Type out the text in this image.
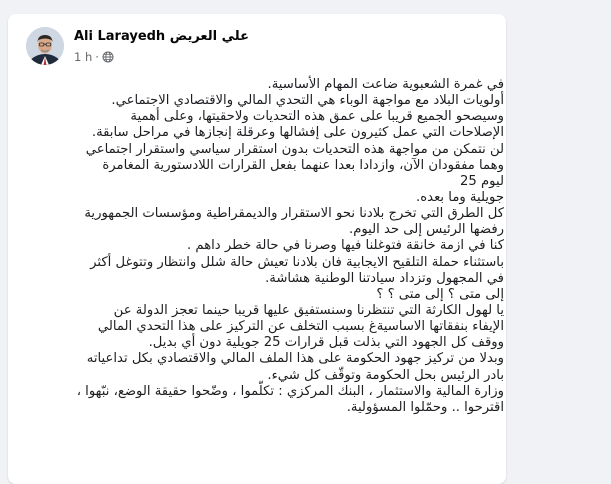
Ali Larayedh علي العريض
1 h ·
في غمرة الشعبوية ضاعت المهام الأساسية.
أولويات البلاد مع مواجهة الوباء هي التحدي المالي والاقتصادي الاجتماعي.
وسيصحو الجميع قريبا على عمق هذه التحديات ولاحقيتها، وعلى أهمية
الإصلاحات التي عمل كثيرون على إفشالها وعرقلة إنجازها في مراحل سابقة.
لن نتمكن من مواجهة هذه التحديات بدون استقرار سياسي واستقرار اجتماعي
وهما مفقودان الآن، وازدادا بعدا عنهما بفعل القرارات اللادستورية المغامرة
ليوم 25
جويلية وما بعده.
كل الطرق التي تخرج بلادنا نحو الاستقرار والديمقراطية ومؤسسات الجمهورية
رفضها الرئيس إلى حد اليوم.
كنا في ازمة خانقة فتوغلنا فيها وصرنا في حالة خطر داهم .
باستثناء حملة التلقيح الايجابية فان بلادنا تعيش حالة شلل وانتظار وتتوغل أكثر
في المجهول وتزداد سيادتنا الوطنية هشاشة.
إلى متى ؟ إلى متى ؟ ؟
يا لهول الكارثة التي تنتظرنا وسنستفيق عليها قريبا حينما تعجز الدولة عن
الإيفاء بنفقاتها الاساسيةغ بسبب التخلف عن التركيز على هذا التحدي المالي
ووقف كل الجهود التي بذلت قبل قرارات 25 جويلية دون أي بديل.
وبدلا من تركيز جهود الحكومة على هذا الملف المالي والاقتصادي بكل تداعياته
بادر الرئيس بحل الحكومة وتوقّف كل شيء.
وزارة المالية والاستثمار ، البنك المركزي : تكلّموا ، وضّحوا حقيقة الوضع، نبّهوا ،
اقترحوا .. وحمّلوا المسؤولية.
